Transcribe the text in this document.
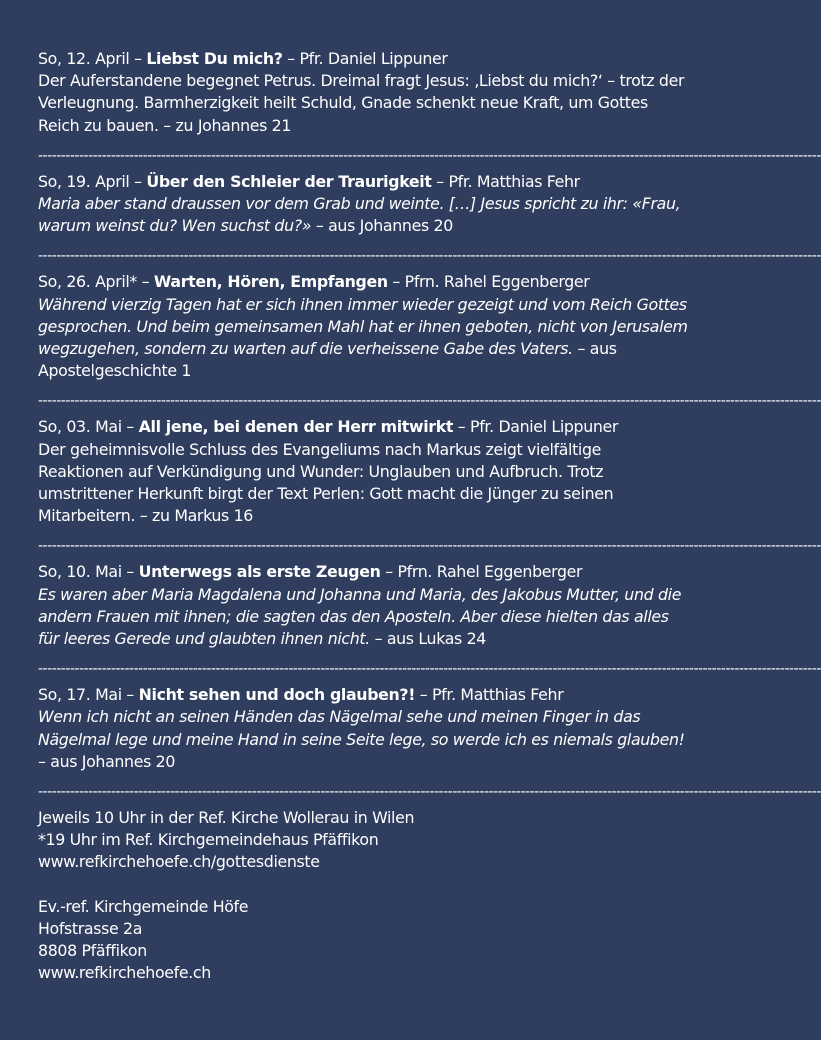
So, 12. April – Liebst Du mich? – Pfr. Daniel Lippuner
Der Auferstandene begegnet Petrus. Dreimal fragt Jesus: ‚Liebst du mich?‘ – trotz der Verleugnung. Barmherzigkeit heilt Schuld, Gnade schenkt neue Kraft, um Gottes Reich zu bauen. – zu Johannes 21
----------------------------------------------------------------------------------------------------------------------------------------------------------------------------
So, 19. April – Über den Schleier der Traurigkeit – Pfr. Matthias Fehr
Maria aber stand draussen vor dem Grab und weinte. […] Jesus spricht zu ihr: «Frau, warum weinst du? Wen suchst du?» – aus Johannes 20
----------------------------------------------------------------------------------------------------------------------------------------------------------------------------
So, 26. April* – Warten, Hören, Empfangen – Pfrn. Rahel Eggenberger
Während vierzig Tagen hat er sich ihnen immer wieder gezeigt und vom Reich Gottes gesprochen. Und beim gemeinsamen Mahl hat er ihnen geboten, nicht von Jerusalem wegzugehen, sondern zu warten auf die verheissene Gabe des Vaters. – aus Apostelgeschichte 1
----------------------------------------------------------------------------------------------------------------------------------------------------------------------------
So, 03. Mai – All jene, bei denen der Herr mitwirkt – Pfr. Daniel Lippuner
Der geheimnisvolle Schluss des Evangeliums nach Markus zeigt vielfältige Reaktionen auf Verkündigung und Wunder: Unglauben und Aufbruch. Trotz umstrittener Herkunft birgt der Text Perlen: Gott macht die Jünger zu seinen Mitarbeitern. – zu Markus 16
----------------------------------------------------------------------------------------------------------------------------------------------------------------------------
So, 10. Mai – Unterwegs als erste Zeugen – Pfrn. Rahel Eggenberger
Es waren aber Maria Magdalena und Johanna und Maria, des Jakobus Mutter, und die andern Frauen mit ihnen; die sagten das den Aposteln. Aber diese hielten das alles für leeres Gerede und glaubten ihnen nicht. – aus Lukas 24
----------------------------------------------------------------------------------------------------------------------------------------------------------------------------
So, 17. Mai – Nicht sehen und doch glauben?! – Pfr. Matthias Fehr
Wenn ich nicht an seinen Händen das Nägelmal sehe und meinen Finger in das Nägelmal lege und meine Hand in seine Seite lege, so werde ich es niemals glauben! – aus Johannes 20
----------------------------------------------------------------------------------------------------------------------------------------------------------------------------
Jeweils 10 Uhr in der Ref. Kirche Wollerau in Wilen
*19 Uhr im Ref. Kirchgemeindehaus Pfäffikon
www.refkirchehoefe.ch/gottesdienste
Ev.-ref. Kirchgemeinde Höfe
Hofstrasse 2a
8808 Pfäffikon
www.refkirchehoefe.ch
